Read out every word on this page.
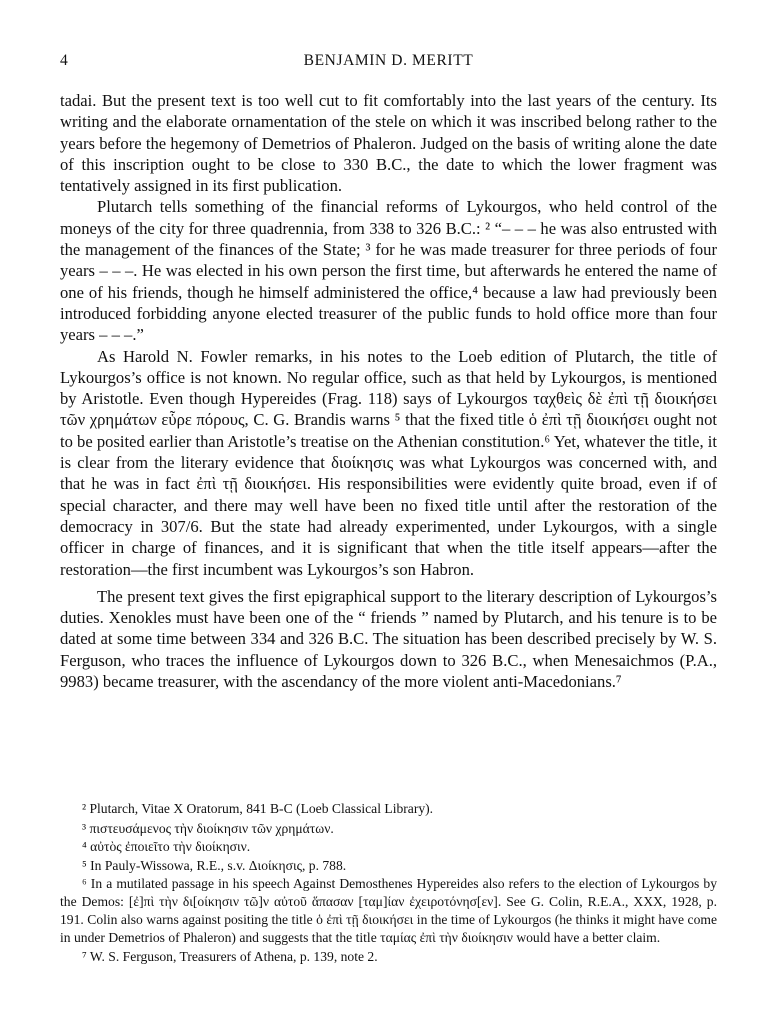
4	BENJAMIN D. MERITT

tadai. But the present text is too well cut to fit comfortably into the last years of the century. Its writing and the elaborate ornamentation of the stele on which it was inscribed belong rather to the years before the hegemony of Demetrios of Phaleron. Judged on the basis of writing alone the date of this inscription ought to be close to 330 B.C., the date to which the lower fragment was tentatively assigned in its first publication.

Plutarch tells something of the financial reforms of Lykourgos, who held control of the moneys of the city for three quadrennia, from 338 to 326 B.C.: ² “– – – he was also entrusted with the management of the finances of the State; ³ for he was made treasurer for three periods of four years – – –. He was elected in his own person the first time, but afterwards he entered the name of one of his friends, though he himself administered the office,⁴ because a law had previously been introduced forbidding anyone elected treasurer of the public funds to hold office more than four years – – –.”

As Harold N. Fowler remarks, in his notes to the Loeb edition of Plutarch, the title of Lykourgos’s office is not known. No regular office, such as that held by Lykourgos, is mentioned by Aristotle. Even though Hypereides (Frag. 118) says of Lykourgos ταχθεὶς δὲ ἐπὶ τῇ διοικήσει τῶν χρημάτων εὗρε πόρους, C. G. Brandis warns ⁵ that the fixed title ὁ ἐπὶ τῇ διοικήσει ought not to be posited earlier than Aristotle’s treatise on the Athenian constitution.⁶ Yet, whatever the title, it is clear from the literary evidence that διοίκησις was what Lykourgos was concerned with, and that he was in fact ἐπὶ τῇ διοικήσει. His responsibilities were evidently quite broad, even if of special character, and there may well have been no fixed title until after the restoration of the democracy in 307/6. But the state had already experimented, under Lykourgos, with a single officer in charge of finances, and it is significant that when the title itself appears—after the restoration—the first incumbent was Lykourgos’s son Habron.

The present text gives the first epigraphical support to the literary description of Lykourgos’s duties. Xenokles must have been one of the “ friends ” named by Plutarch, and his tenure is to be dated at some time between 334 and 326 B.C. The situation has been described precisely by W. S. Ferguson, who traces the influence of Lykourgos down to 326 B.C., when Menesaichmos (P.A., 9983) became treasurer, with the ascendancy of the more violent anti-Macedonians.⁷

² Plutarch, Vitae X Oratorum, 841 B-C (Loeb Classical Library).

³ πιστευσάμενος τὴν διοίκησιν τῶν χρημάτων.

⁴ αὐτὸς ἐποιεῖτο τὴν διοίκησιν.

⁵ In Pauly-Wissowa, R.E., s.v. Διοίκησις, p. 788.

⁶ In a mutilated passage in his speech Against Demosthenes Hypereides also refers to the election of Lykourgos by the Demos: [ἐ]πὶ τὴν δι[οίκησιν τῶ]ν αὐτοῦ ἅπασαν [ταμ]ίαν ἐχειροτόνησ[εν]. See G. Colin, R.E.A., XXX, 1928, p. 191. Colin also warns against positing the title ὁ ἐπὶ τῇ διοικήσει in the time of Lykourgos (he thinks it might have come in under Demetrios of Phaleron) and suggests that the title ταμίας ἐπὶ τὴν διοίκησιν would have a better claim.

⁷ W. S. Ferguson, Treasurers of Athena, p. 139, note 2.
